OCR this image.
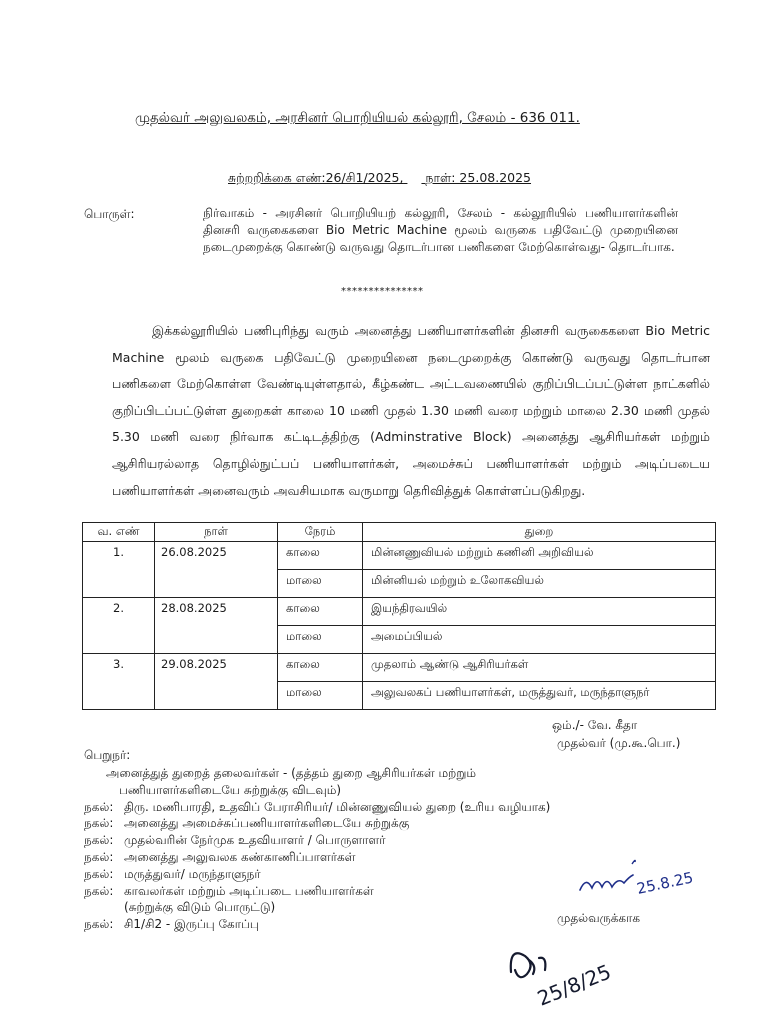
முதல்வர் அலுவலகம், அரசினர் பொறியியல் கல்லூரி, சேலம் - 636 011.
சுற்றறிக்கை எண்:26/சி1/2025, நாள்: 25.08.2025
பொருள்:	நிர்வாகம் - அரசினர் பொறியியற் கல்லூரி, சேலம் - கல்லூரியில் பணியாளர்களின் தினசரி வருகைகளை Bio Metric Machine மூலம் வருகை பதிவேட்டு முறையினை நடைமுறைக்கு கொண்டு வருவது தொடர்பான பணிகளை மேற்கொள்வது- தொடர்பாக.
***************
இக்கல்லூரியில் பணிபுரிந்து வரும் அனைத்து பணியாளர்களின் தினசரி வருகைகளை Bio Metric Machine மூலம் வருகை பதிவேட்டு முறையினை நடைமுறைக்கு கொண்டு வருவது தொடர்பான பணிகளை மேற்கொள்ள வேண்டியுள்ளதால், கீழ்கண்ட அட்டவணையில் குறிப்பிடப்பட்டுள்ள நாட்களில் குறிப்பிடப்பட்டுள்ள துறைகள் காலை 10 மணி முதல் 1.30 மணி வரை மற்றும் மாலை 2.30 மணி முதல் 5.30 மணி வரை நிர்வாக கட்டிடத்திற்கு (Adminstrative Block) அனைத்து ஆசிரியர்கள் மற்றும் ஆசிரியரல்லாத தொழில்நுட்பப் பணியாளர்கள், அமைச்சுப் பணியாளர்கள் மற்றும் அடிப்படைய பணியாளர்கள் அனைவரும் அவசியமாக வருமாறு தெரிவித்துக் கொள்ளப்படுகிறது.
வ. எண்	நாள்	நேரம்	துறை
1.	26.08.2025	காலை	மின்னணுவியல் மற்றும் கணினி அறிவியல்
		மாலை	மின்னியல் மற்றும் உலோகவியல்
2.	28.08.2025	காலை	இயந்திரவயில்
		மாலை	அமைப்பியல்
3.	29.08.2025	காலை	முதலாம் ஆண்டு ஆசிரியர்கள்
		மாலை	அலுவலகப் பணியாளர்கள், மருத்துவர், மருந்தாளுநர்
ஒம்./- வே. கீதா
முதல்வர் (மு.கூ.பொ.)
பெறுநர்:
அனைத்துத் துறைத் தலைவர்கள் - (தத்தம் துறை ஆசிரியர்கள் மற்றும்
பணியாளர்களிடையே சுற்றுக்கு விடவும்)
நகல்: திரு. மணிபாரதி, உதவிப் பேராசிரியர்/ மின்னணுவியல் துறை (உரிய வழியாக)
நகல்: அனைத்து அமைச்சுப்பணியாளர்களிடையே சுற்றுக்கு
நகல்: முதல்வரின் நேர்முக உதவியாளர் / பொருளாளர்
நகல்: அனைத்து அலுவலக கண்காணிப்பாளர்கள்
நகல்: மருத்துவர்/ மருந்தாளுநர்
நகல்: காவலர்கள் மற்றும் அடிப்படை பணியாளர்கள்
(சுற்றுக்கு விடும் பொருட்டு)
நகல்: சி1/சி2 - இருப்பு கோப்பு	முதல்வருக்காக
25.8.25
25/8/25
